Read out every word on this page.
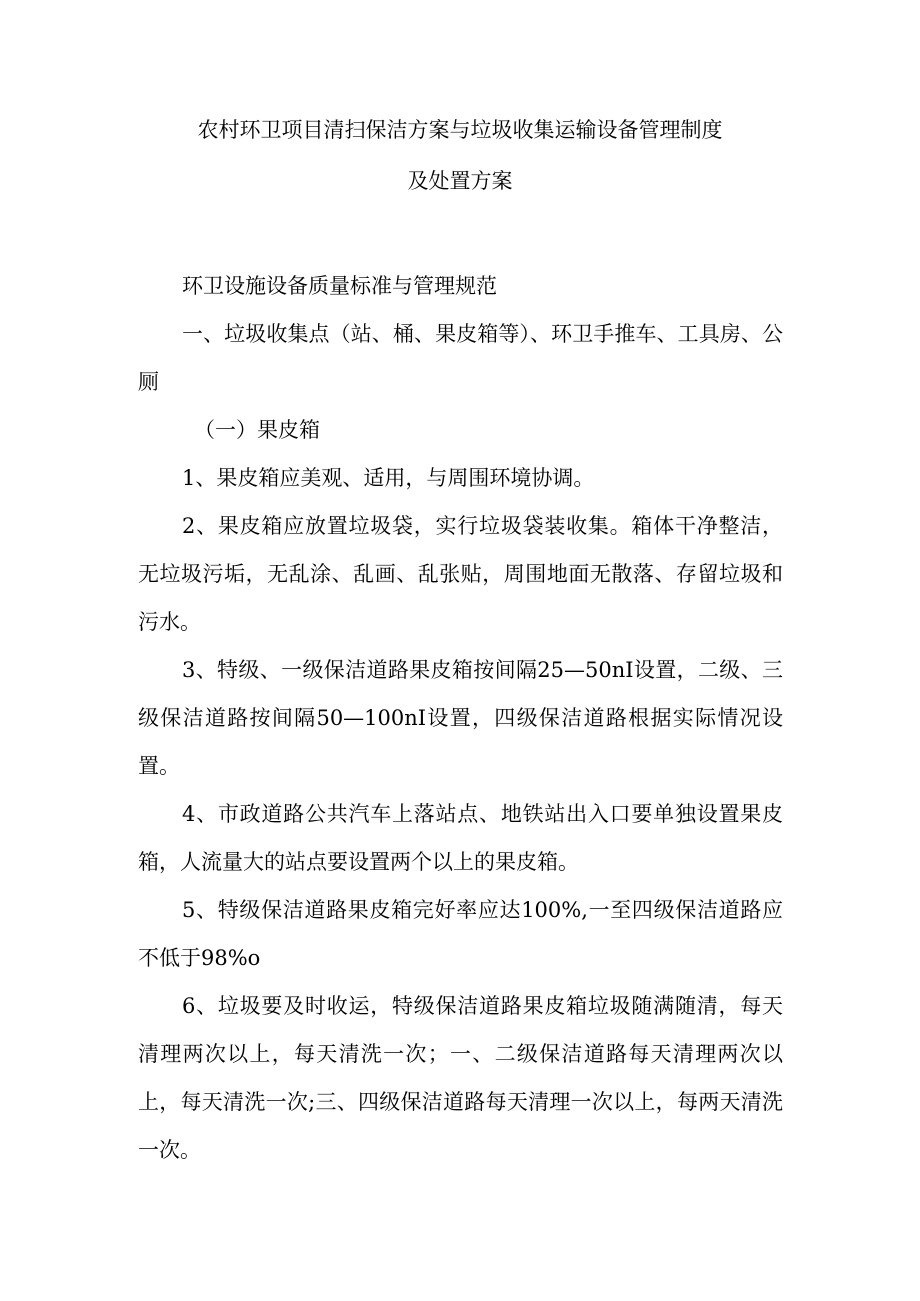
农村环卫项目清扫保洁方案与垃圾收集运输设备管理制度
及处置方案

环卫设施设备质量标准与管理规范

一、垃圾收集点（站、桶、果皮箱等）、环卫手推车、工具房、公厕

（一）果皮箱

1、果皮箱应美观、适用，与周围环境协调。

2、果皮箱应放置垃圾袋，实行垃圾袋装收集。箱体干净整洁，无垃圾污垢，无乱涂、乱画、乱张贴，周围地面无散落、存留垃圾和污水。

3、特级、一级保洁道路果皮箱按间隔25—50nI设置，二级、三级保洁道路按间隔50—100nI设置，四级保洁道路根据实际情况设置。

4、市政道路公共汽车上落站点、地铁站出入口要单独设置果皮箱，人流量大的站点要设置两个以上的果皮箱。

5、特级保洁道路果皮箱完好率应达100%,一至四级保洁道路应不低于98%o

6、垃圾要及时收运，特级保洁道路果皮箱垃圾随满随清，每天清理两次以上，每天清洗一次；一、二级保洁道路每天清理两次以上，每天清洗一次;三、四级保洁道路每天清理一次以上，每两天清洗一次。
